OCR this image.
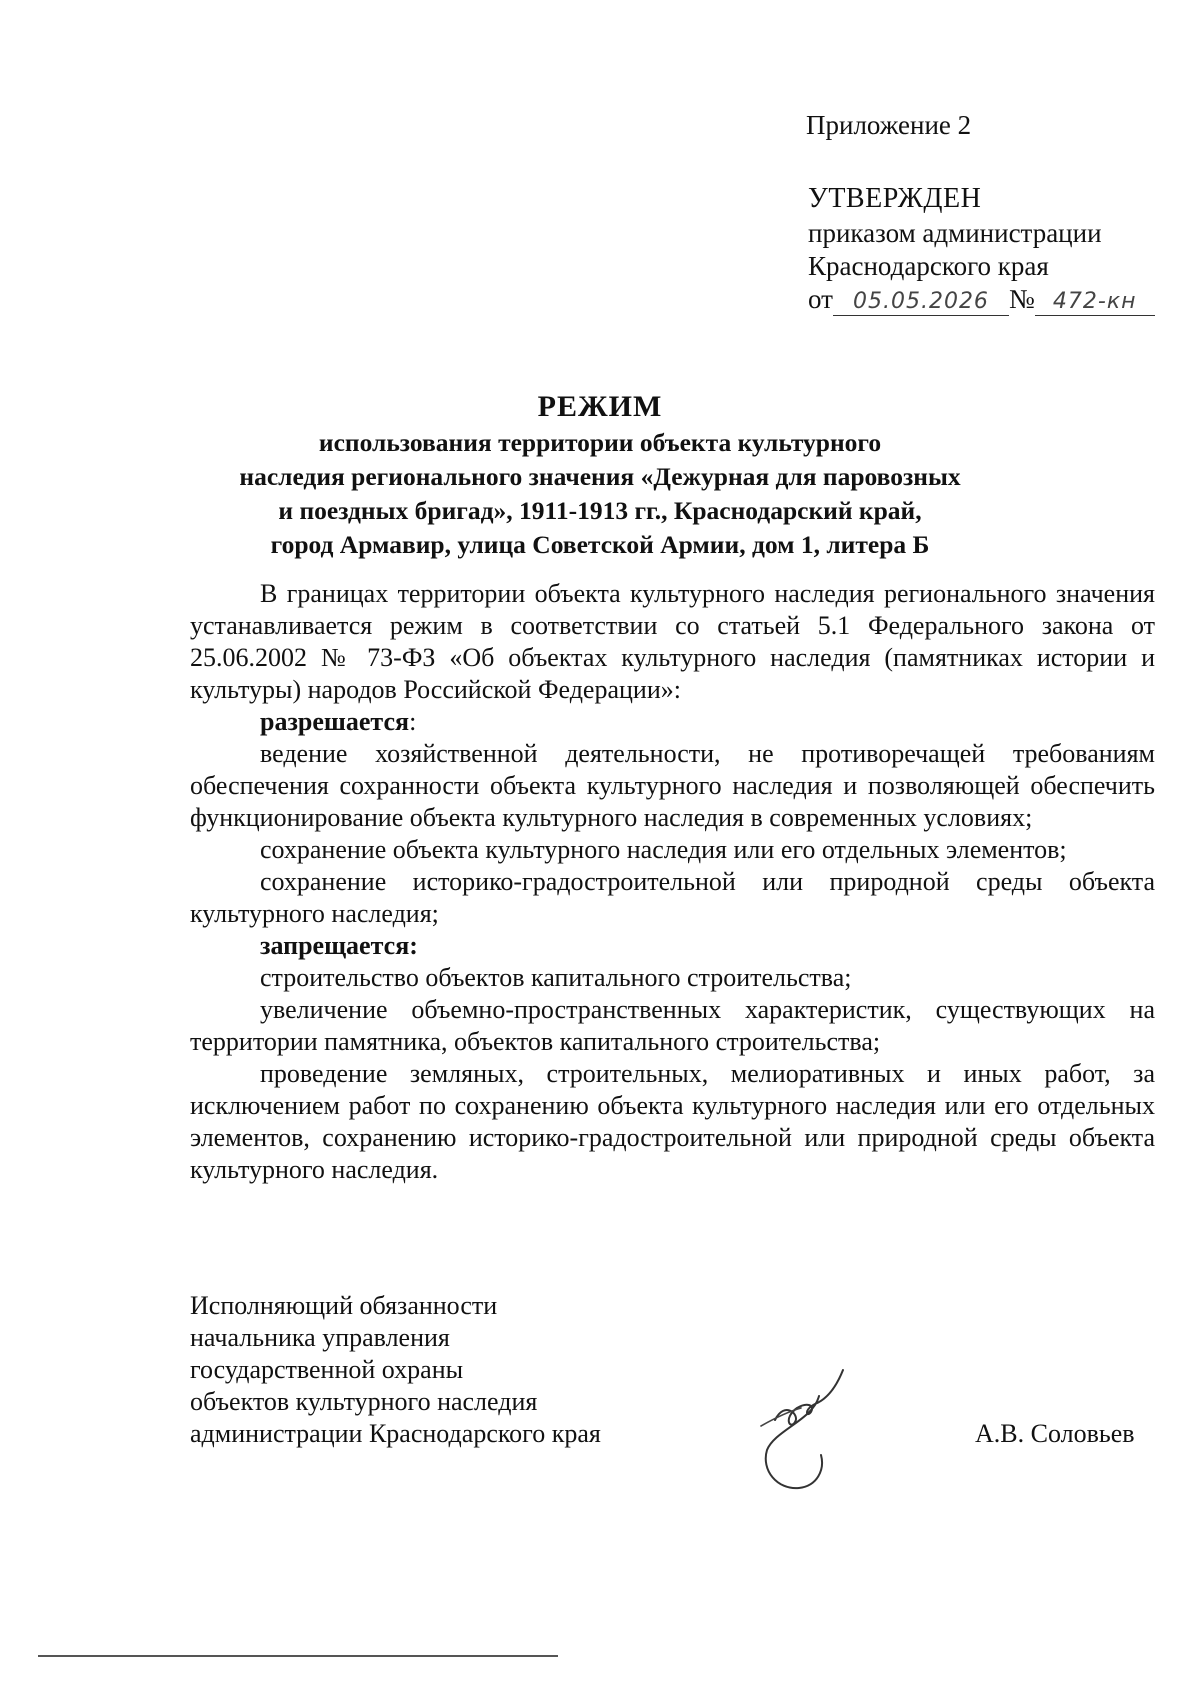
Приложение 2
УТВЕРЖДЕН
приказом администрации
Краснодарского края
от 05.05.2026 № 472-кн
РЕЖИМ
использования территории объекта культурного
наследия регионального значения «Дежурная для паровозных
и поездных бригад», 1911-1913 гг., Краснодарский край,
город Армавир, улица Советской Армии, дом 1, литера Б

В границах территории объекта культурного наследия регионального значения устанавливается режим в соответствии со статьей 5.1 Федерального закона от 25.06.2002 № 73-ФЗ «Об объектах культурного наследия (памятниках истории и культуры) народов Российской Федерации»:

разрешается:

ведение хозяйственной деятельности, не противоречащей требованиям обеспечения сохранности объекта культурного наследия и позволяющей обеспечить функционирование объекта культурного наследия в современных условиях;

сохранение объекта культурного наследия или его отдельных элементов;

сохранение историко-градостроительной или природной среды объекта культурного наследия;

запрещается:

строительство объектов капитального строительства;

увеличение объемно-пространственных характеристик, существующих на территории памятника, объектов капитального строительства;

проведение земляных, строительных, мелиоративных и иных работ, за исключением работ по сохранению объекта культурного наследия или его отдельных элементов, сохранению историко-градостроительной или природной среды объекта культурного наследия.

Исполняющий обязанности
начальника управления
государственной охраны
объектов культурного наследия
администрации Краснодарского края	А.В. Соловьев
